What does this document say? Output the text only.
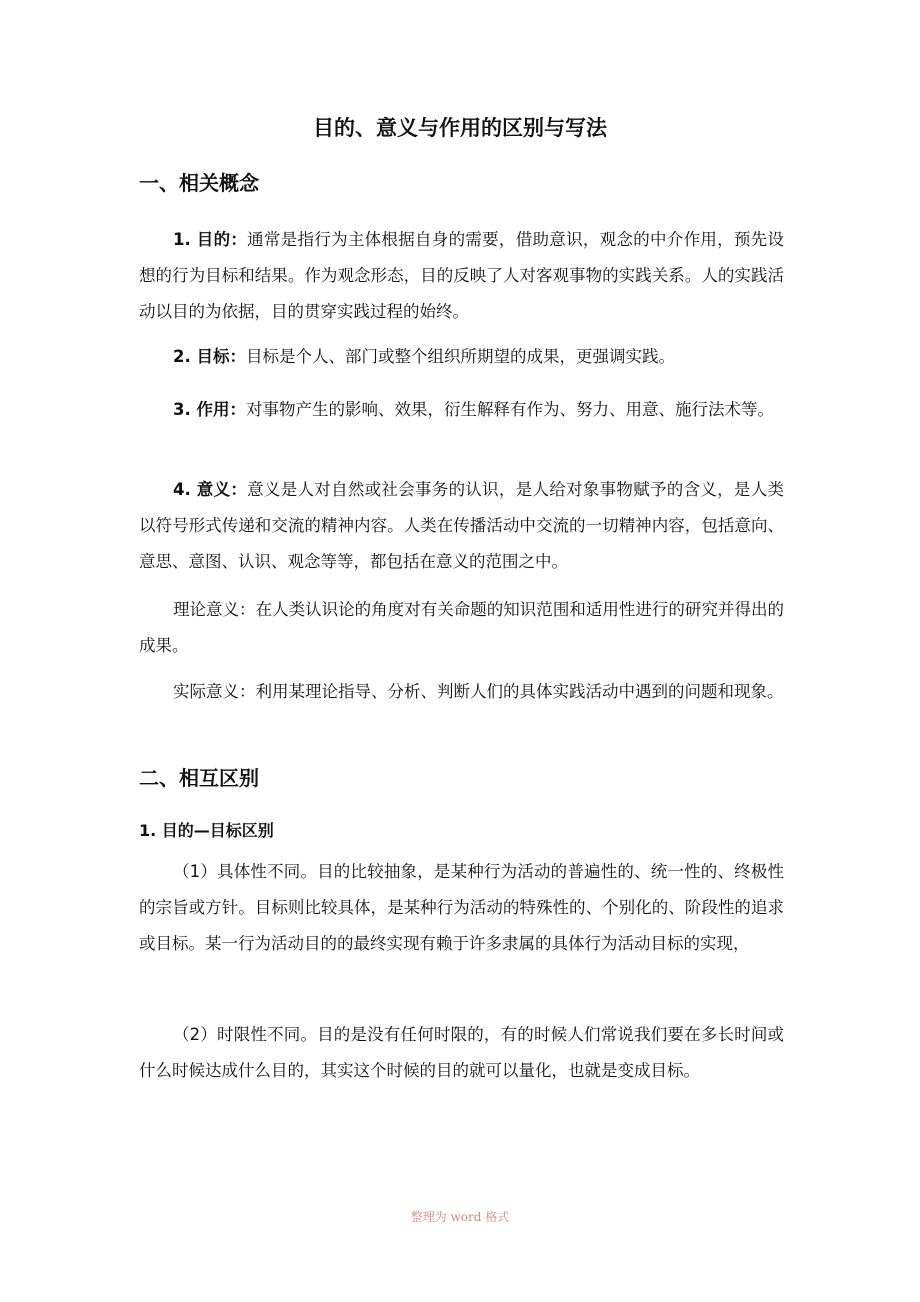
目的、意义与作用的区别与写法
一、相关概念
1. 目的：通常是指行为主体根据自身的需要，借助意识，观念的中介作用，预先设想的行为目标和结果。作为观念形态，目的反映了人对客观事物的实践关系。人的实践活动以目的为依据，目的贯穿实践过程的始终。
2. 目标：目标是个人、部门或整个组织所期望的成果，更强调实践。
3. 作用：对事物产生的影响、效果，衍生解释有作为、努力、用意、施行法术等。
4. 意义：意义是人对自然或社会事务的认识，是人给对象事物赋予的含义，是人类以符号形式传递和交流的精神内容。人类在传播活动中交流的一切精神内容，包括意向、意思、意图、认识、观念等等，都包括在意义的范围之中。
理论意义：在人类认识论的角度对有关命题的知识范围和适用性进行的研究并得出的成果。
实际意义：利用某理论指导、分析、判断人们的具体实践活动中遇到的问题和现象。
二、相互区别
1. 目的—目标区别
（1）具体性不同。目的比较抽象，是某种行为活动的普遍性的、统一性的、终极性的宗旨或方针。目标则比较具体，是某种行为活动的特殊性的、个别化的、阶段性的追求或目标。某一行为活动目的的最终实现有赖于许多隶属的具体行为活动目标的实现，
（2）时限性不同。目的是没有任何时限的，有的时候人们常说我们要在多长时间或什么时候达成什么目的，其实这个时候的目的就可以量化，也就是变成目标。
整理为 word 格式
